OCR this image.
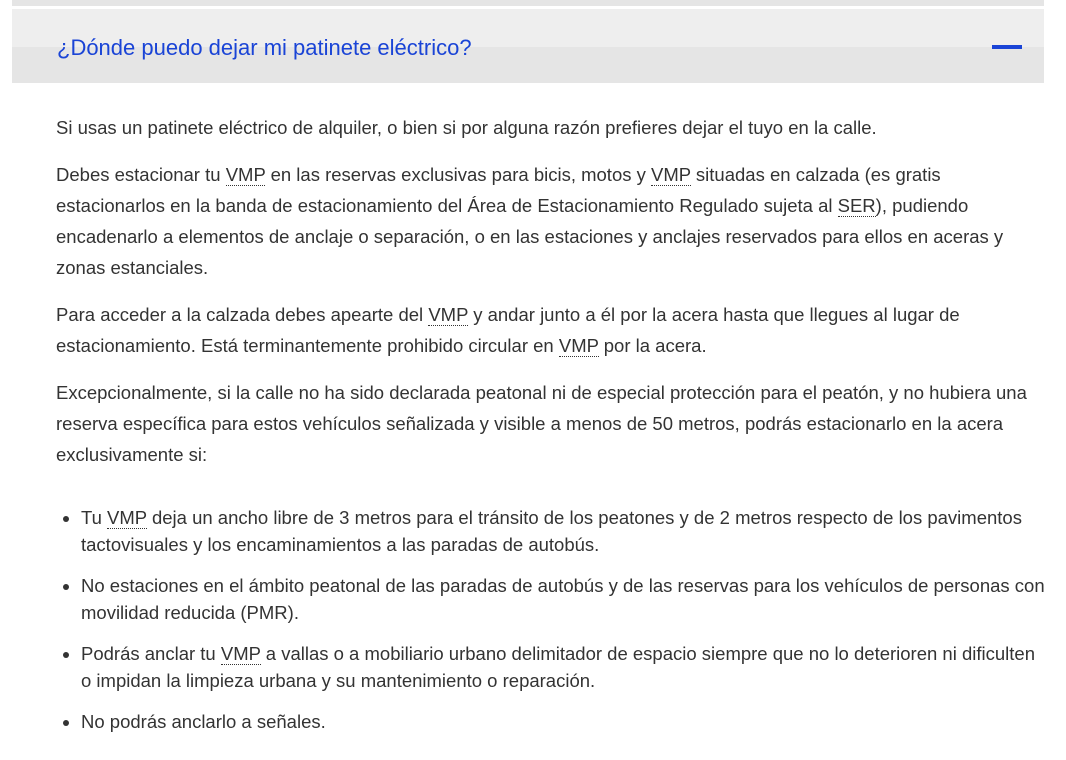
¿Dónde puedo dejar mi patinete eléctrico?

Si usas un patinete eléctrico de alquiler, o bien si por alguna razón prefieres dejar el tuyo en la calle.

Debes estacionar tu VMP en las reservas exclusivas para bicis, motos y VMP situadas en calzada (es gratis estacionarlos en la banda de estacionamiento del Área de Estacionamiento Regulado sujeta al SER), pudiendo encadenarlo a elementos de anclaje o separación, o en las estaciones y anclajes reservados para ellos en aceras y zonas estanciales.

Para acceder a la calzada debes apearte del VMP y andar junto a él por la acera hasta que llegues al lugar de estacionamiento. Está terminantemente prohibido circular en VMP por la acera.

Excepcionalmente, si la calle no ha sido declarada peatonal ni de especial protección para el peatón, y no hubiera una reserva específica para estos vehículos señalizada y visible a menos de 50 metros, podrás estacionarlo en la acera exclusivamente si:

• Tu VMP deja un ancho libre de 3 metros para el tránsito de los peatones y de 2 metros respecto de los pavimentos tactovisuales y los encaminamientos a las paradas de autobús.
• No estaciones en el ámbito peatonal de las paradas de autobús y de las reservas para los vehículos de personas con movilidad reducida (PMR).
• Podrás anclar tu VMP a vallas o a mobiliario urbano delimitador de espacio siempre que no lo deterioren ni dificulten o impidan la limpieza urbana y su mantenimiento o reparación.
• No podrás anclarlo a señales.
